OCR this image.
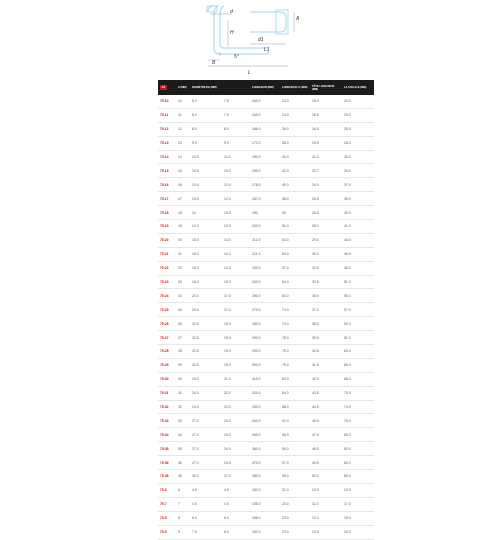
d
A
H
d1
L1
B
5°
L
FA	A (MM)	DIAMÈTRE DE (MM)		LONGUEUR (MM)	LONGUEUR L1 (MM)	TÊTE LONGUEUR (MM)	LA TAILLE B (MM)
75.10	10	8.0	7.5	163.0	23.0	15.0	22.0
75.11	11	8.0	7.5	163.0	24.0	16.5	23.0
75.12	12	8.0	8.0	166.0	26.0	16.5	25.0
75.13	13	9.0	9.0	172.0	28.0	19.5	28.0
75.14	14	10.5	11.0	190.0	40.0	21.0	30.0
75.15	15	10.5	10.0	190.0	42.0	22.7	34.0
75.16	16	13.0	12.0	178.0	40.0	24.0	37.0
75.17	17	13.0	12.0	187.0	48.0	25.5	39.0
75.18	18	14	13.0	190	50	26.5	40.0
75.19	19	14.0	13.0	200.0	51.0	28.0	41.0
75.20	20	15.0	14.0	212.0	53.0	29.0	44.0
75.21	21	15.0	14.0	221.0	53.0	30.0	46.0
75.22	22	15.0	14.0	230.0	57.0	32.5	48.0
75.23	23	16.0	15.0	240.0	64.0	33.5	51.0
75.24	24	20.0	17.0	260.0	64.0	35.0	55.0
75.25	25	20.0	17.0	270.0	74.0	37.0	57.0
75.26	26	22.5	19.0	280.0	74.0	38.0	59.0
75.27	27	22.5	19.0	290.0	75.0	39.5	61.0
75.28	28	22.5	19.0	290.0	75.0	40.5	63.0
75.29	29	22.5	19.0	300.0	79.0	41.5	65.0
75.30	30	24.0	21.0	310.0	83.0	42.0	68.0
75.31	31	24.0	22.0	320.0	84.0	43.5	70.0
75.32	32	24.0	22.0	330.0	88.0	44.5	74.0
75.33	33	27.0	24.0	340.0	92.0	46.5	76.0
75.34	34	27.0	24.0	350.0	95.0	47.0	80.0
75.35	35	27.0	24.0	360.0	95.0	48.5	82.0
75.36	36	27.0	24.0	370.0	97.0	49.5	84.0
75.38	38	30.0	27.0	380.0	99.0	52.0	89.0
75.6	6	4.5	4.5	152.0	21.0	10.0	13.0
75.7	7	4.5	4.5	155.0	23.0	11.0	17.0
75.8	8	6.0	6.0	158.0	23.0	12.0	19.0
75.9	9	7.5	6.0	162.0	23.0	13.0	20.0
